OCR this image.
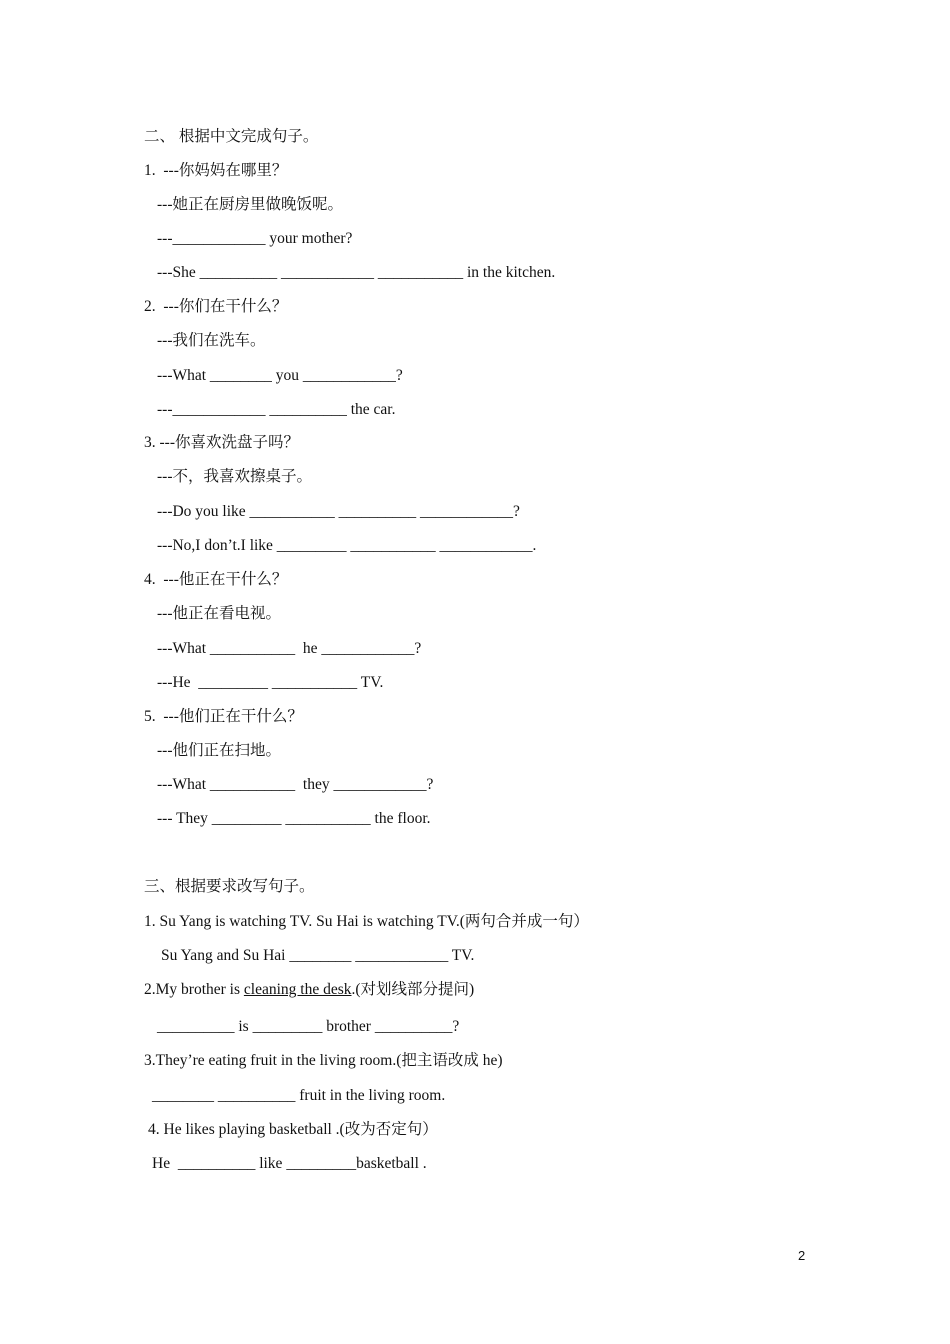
二、 根据中文完成句子。
1.  ---你妈妈在哪里？
---她正在厨房里做晚饭呢。
---____________ your mother?
---She __________ ____________ ___________ in the kitchen.
2.  ---你们在干什么？
---我们在洗车。
---What ________ you ____________?
---____________ __________ the car.
3. ---你喜欢洗盘子吗？
---不，我喜欢擦桌子。
---Do you like ___________ __________ ____________?
---No,I don’t.I like _________ ___________ ____________.
4.  ---他正在干什么？
---他正在看电视。
---What ___________  he ____________?
---He  _________ ___________ TV.
5.  ---他们正在干什么？
---他们正在扫地。
---What ___________  they ____________?
--- They _________ ___________ the floor.
三、根据要求改写句子。
1. Su Yang is watching TV. Su Hai is watching TV.(两句合并成一句）
Su Yang and Su Hai ________ ____________ TV.
2.My brother is cleaning the desk.(对划线部分提问)
__________ is _________ brother __________?
3.They’re eating fruit in the living room.(把主语改成 he)
________ __________ fruit in the living room.
4. He likes playing basketball .(改为否定句）
He  __________ like _________basketball .
2
